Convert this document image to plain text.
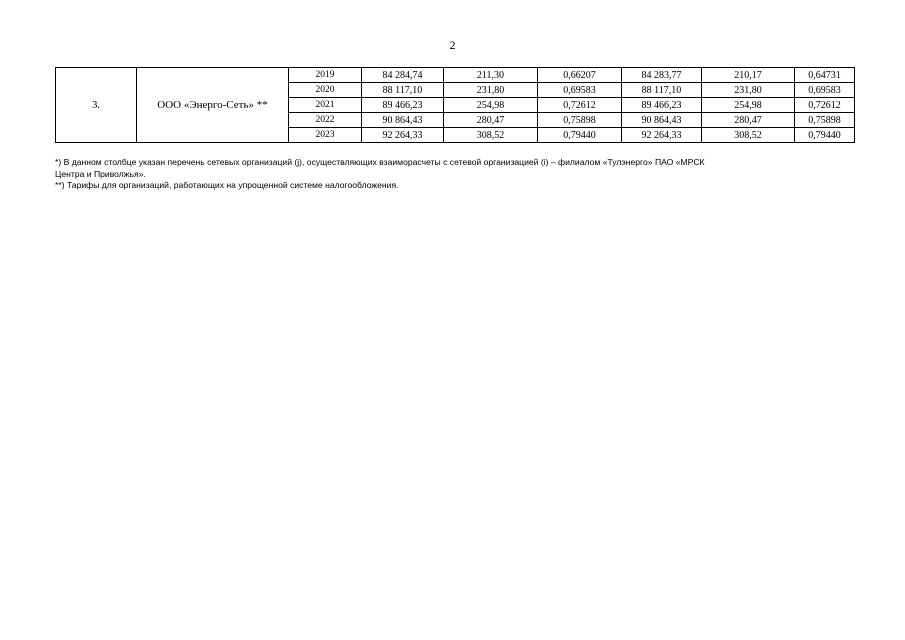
2
3.	ООО «Энерго-Сеть» **	2019	84 284,74	211,30	0,66207	84 283,77	210,17	0,64731
		2020	88 117,10	231,80	0,69583	88 117,10	231,80	0,69583
		2021	89 466,23	254,98	0,72612	89 466,23	254,98	0,72612
		2022	90 864,43	280,47	0,75898	90 864,43	280,47	0,75898
		2023	92 264,33	308,52	0,79440	92 264,33	308,52	0,79440

*) В данном столбце указан перечень сетевых организаций (j), осуществляющих взаиморасчеты с сетевой организацией (i) – филиалом «Тулэнерго» ПАО «МРСК

Центра и Приволжья».

**) Тарифы для организаций, работающих на упрощенной системе налогообложения.
